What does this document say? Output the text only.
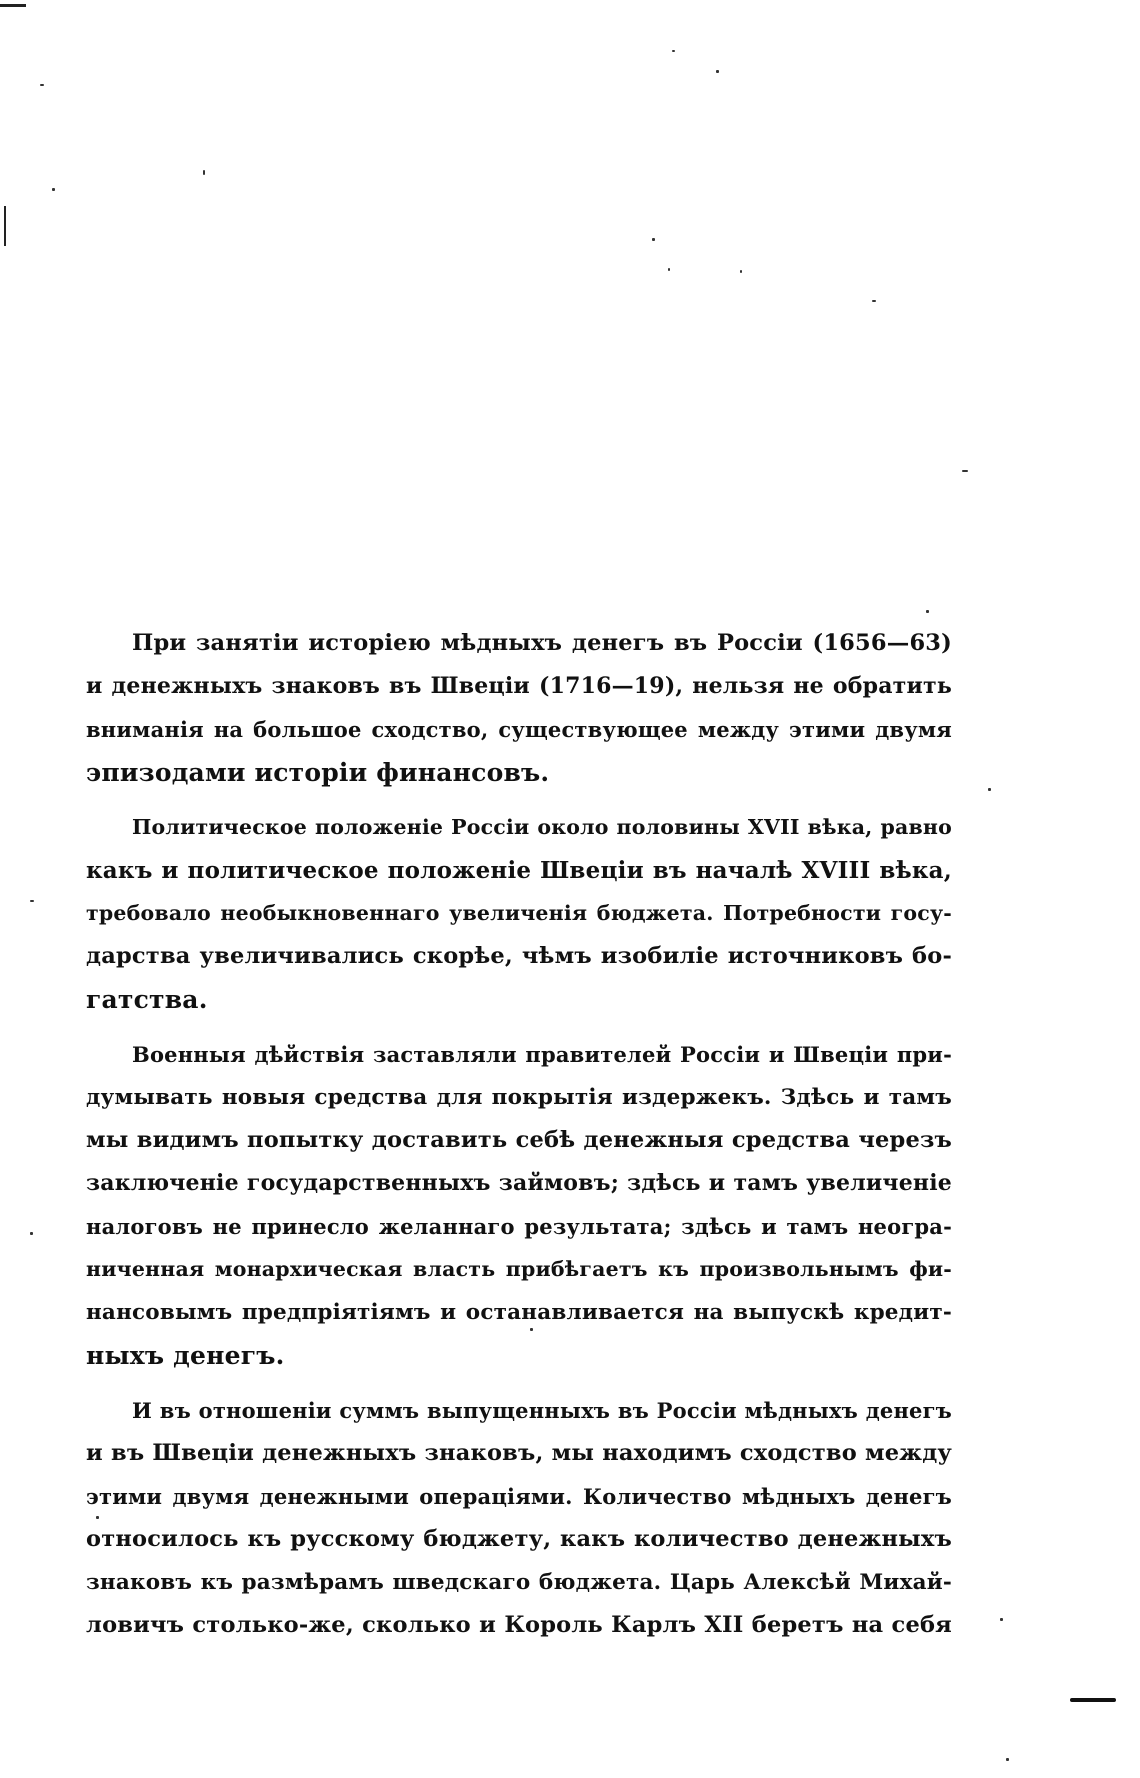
При занятіи исторіею мѣдныхъ денегъ въ Россіи (1656—63)
и денежныхъ знаковъ въ Швеціи (1716—19), нельзя не обратить
вниманія на большое сходство, существующее между этими двумя
эпизодами исторіи финансовъ.
Политическое положеніе Россіи около половины XVII вѣка, равно
какъ и политическое положеніе Швеціи въ началѣ XVIII вѣка,
требовало необыкновеннаго увеличенія бюджета. Потребности госу-
дарства увеличивались скорѣе, чѣмъ изобиліе источниковъ бо-
гатства.
Военныя дѣйствія заставляли правителей Россіи и Швеціи при-
думывать новыя средства для покрытія издержекъ. Здѣсь и тамъ
мы видимъ попытку доставить себѣ денежныя средства черезъ
заключеніе государственныхъ займовъ; здѣсь и тамъ увеличеніе
налоговъ не принесло желаннаго результата; здѣсь и тамъ неогра-
ниченная монархическая власть прибѣгаетъ къ произвольнымъ фи-
нансовымъ предпріятіямъ и останавливается на выпускѣ кредит-
ныхъ денегъ.
И въ отношеніи суммъ выпущенныхъ въ Россіи мѣдныхъ денегъ
и въ Швеціи денежныхъ знаковъ, мы находимъ сходство между
этими двумя денежными операціями. Количество мѣдныхъ денегъ
относилось къ русскому бюджету, какъ количество денежныхъ
знаковъ къ размѣрамъ шведскаго бюджета. Царь Алексѣй Михай-
ловичъ столько-же, сколько и Король Карлъ XII беретъ на себя
